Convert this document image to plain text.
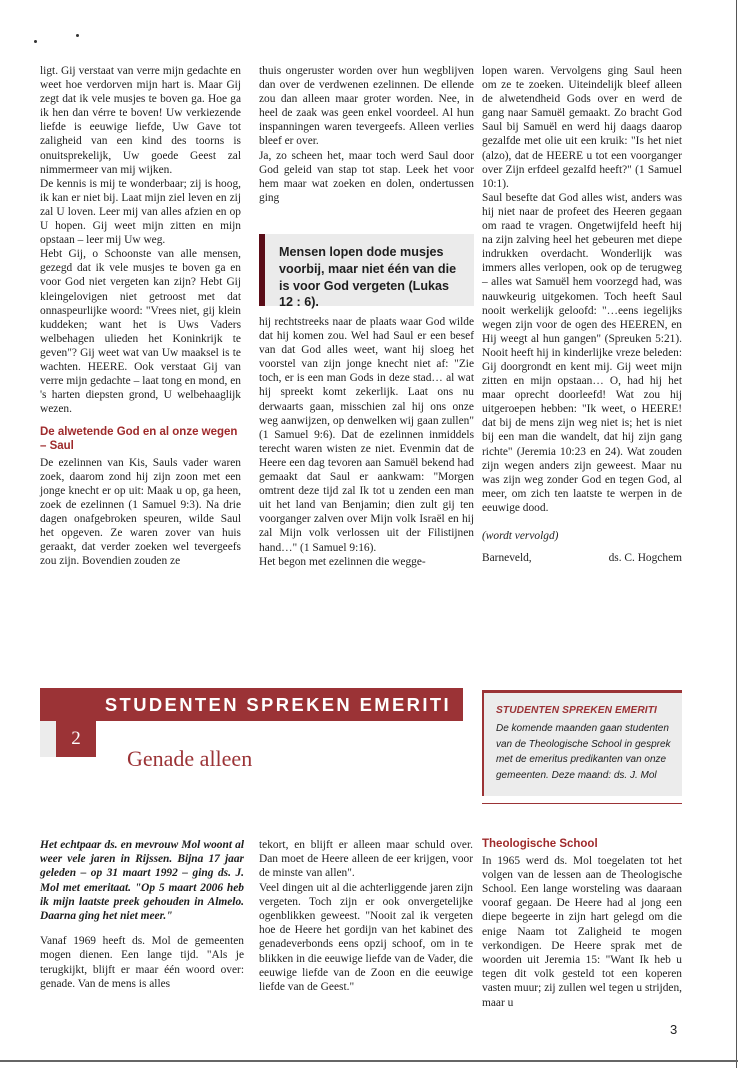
ligt. Gij verstaat van verre mijn gedachte en weet hoe verdorven mijn hart is. Maar Gij zegt dat ik vele musjes te boven ga. Hoe ga ik hen dan vérre te boven! Uw verkiezende liefde is eeuwige liefde, Uw Gave tot zaligheid van een kind des toorns is onuitsprekelijk, Uw goede Geest zal nimmermeer van mij wijken.

De kennis is mij te wonderbaar; zij is hoog, ik kan er niet bij. Laat mijn ziel leven en zij zal U loven. Leer mij van alles afzien en op U hopen. Gij weet mijn zitten en mijn opstaan – leer mij Uw weg.

Hebt Gij, o Schoonste van alle mensen, gezegd dat ik vele musjes te boven ga en voor God niet vergeten kan zijn? Hebt Gij kleingelovigen niet getroost met dat onnaspeurlijke woord: "Vrees niet, gij klein kuddeken; want het is Uws Vaders welbehagen ulieden het Koninkrijk te geven"? Gij weet wat van Uw maaksel is te wachten. HEERE. Ook verstaat Gij van verre mijn gedachte – laat tong en mond, en 's harten diepsten grond, U welbehaaglijk wezen.

De alwetende God en al onze wegen – Saul

De ezelinnen van Kis, Sauls vader waren zoek, daarom zond hij zijn zoon met een jonge knecht er op uit: Maak u op, ga heen, zoek de ezelinnen (1 Samuel 9:3). Na drie dagen onafgebroken speuren, wilde Saul het opgeven. Ze waren zover van huis geraakt, dat verder zoeken wel tevergeefs zou zijn. Bovendien zouden ze

thuis ongeruster worden over hun wegblijven dan over de verdwenen ezelinnen. De ellende zou dan alleen maar groter worden. Nee, in heel de zaak was geen enkel voordeel. Al hun inspanningen waren tevergeefs. Alleen verlies bleef er over.

Ja, zo scheen het, maar toch werd Saul door God geleid van stap tot stap. Leek het voor hem maar wat zoeken en dolen, ondertussen ging

Mensen lopen dode musjes voorbij, maar niet één van die is voor God vergeten (Lukas 12 : 6).

hij rechtstreeks naar de plaats waar God wilde dat hij komen zou. Wel had Saul er een besef van dat God alles weet, want hij sloeg het voorstel van zijn jonge knecht niet af: "Zie toch, er is een man Gods in deze stad… al wat hij spreekt komt zekerlijk. Laat ons nu derwaarts gaan, misschien zal hij ons onze weg aanwijzen, op denwelken wij gaan zullen" (1 Samuel 9:6). Dat de ezelinnen inmiddels terecht waren wisten ze niet. Evenmin dat de Heere een dag tevoren aan Samuël bekend had gemaakt dat Saul er aankwam: "Morgen omtrent deze tijd zal Ik tot u zenden een man uit het land van Benjamin; dien zult gij ten voorganger zalven over Mijn volk Israël en hij zal Mijn volk verlossen uit der Filistijnen hand…" (1 Samuel 9:16).

Het begon met ezelinnen die wegge-

lopen waren. Vervolgens ging Saul heen om ze te zoeken. Uiteindelijk bleef alleen de alwetendheid Gods over en werd de gang naar Samuël gemaakt. Zo bracht God Saul bij Samuël en werd hij daags daarop gezalfde met olie uit een kruik: "Is het niet (alzo), dat de HEERE u tot een voorganger over Zijn erfdeel gezalfd heeft?" (1 Samuel 10:1).

Saul besefte dat God alles wist, anders was hij niet naar de profeet des Heeren gegaan om raad te vragen. Ongetwijfeld heeft hij na zijn zalving heel het gebeuren met diepe indrukken overdacht. Wonderlijk was immers alles verlopen, ook op de terugweg – alles wat Samuël hem voorzegd had, was nauwkeurig uitgekomen. Toch heeft Saul nooit werkelijk geloofd: "…eens iegelijks wegen zijn voor de ogen des HEEREN, en Hij weegt al hun gangen" (Spreuken 5:21). Nooit heeft hij in kinderlijke vreze beleden: Gij doorgrondt en kent mij. Gij weet mijn zitten en mijn opstaan… O, had hij het maar oprecht doorleefd! Wat zou hij uitgeroepen hebben: "Ik weet, o HEERE! dat bij de mens zijn weg niet is; het is niet bij een man die wandelt, dat hij zijn gang richte" (Jeremia 10:23 en 24). Wat zouden zijn wegen anders zijn geweest. Maar nu was zijn weg zonder God en tegen God, al meer, om zich ten laatste te werpen in de eeuwige dood.

(wordt vervolgd)

Barneveld,	ds. C. Hogchem

STUDENTEN SPREKEN EMERITI
2
Genade alleen
STUDENTEN SPREKEN EMERITI
De komende maanden gaan studenten van de Theologische School in gesprek met de emeritus predikanten van onze gemeenten. Deze maand: ds. J. Mol

Het echtpaar ds. en mevrouw Mol woont al weer vele jaren in Rijssen. Bijna 17 jaar geleden – op 31 maart 1992 – ging ds. J. Mol met emeritaat. "Op 5 maart 2006 heb ik mijn laatste preek gehouden in Almelo. Daarna ging het niet meer."

Vanaf 1969 heeft ds. Mol de gemeenten mogen dienen. Een lange tijd. "Als je terugkijkt, blijft er maar één woord over: genade. Van de mens is alles

tekort, en blijft er alleen maar schuld over. Dan moet de Heere alleen de eer krijgen, voor de minste van allen".

Veel dingen uit al die achterliggende jaren zijn vergeten. Toch zijn er ook onvergetelijke ogenblikken geweest. "Nooit zal ik vergeten hoe de Heere het gordijn van het kabinet des genadeverbonds eens opzij schoof, om in te blikken in die eeuwige liefde van de Vader, die eeuwige liefde van de Zoon en die eeuwige liefde van de Geest."

Theologische School

In 1965 werd ds. Mol toegelaten tot het volgen van de lessen aan de Theologische School. Een lange worsteling was daaraan vooraf gegaan. De Heere had al jong een diepe begeerte in zijn hart gelegd om die enige Naam tot Zaligheid te mogen verkondigen. De Heere sprak met de woorden uit Jeremia 15: "Want Ik heb u tegen dit volk gesteld tot een koperen vasten muur; zij zullen wel tegen u strijden, maar u

3
